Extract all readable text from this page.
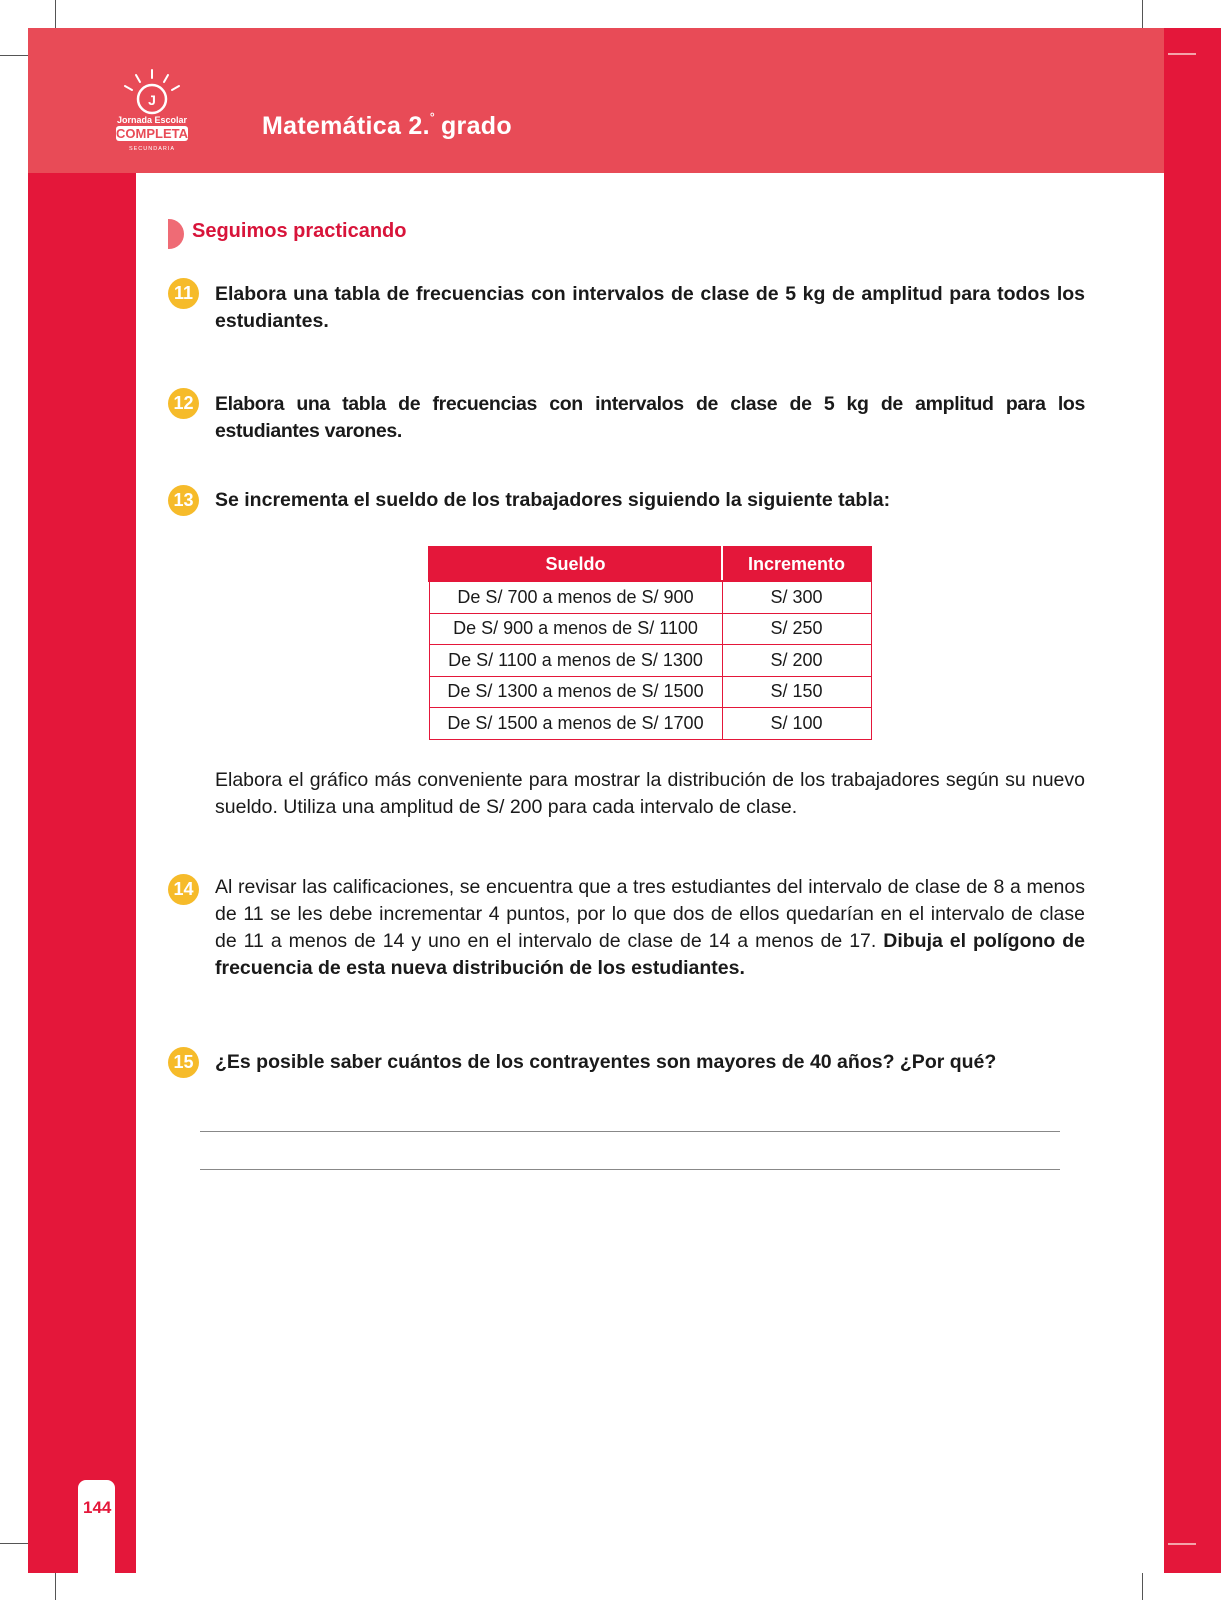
J
Jornada Escolar
COMPLETA
SECUNDARIA
Matemática 2.° grado
Seguimos practicando
11	Elabora una tabla de frecuencias con intervalos de clase de 5 kg de amplitud para todos los estudiantes.
12 Elabora una tabla de frecuencias con intervalos de clase de 5 kg de amplitud para los estudiantes varones.
13 Se incrementa el sueldo de los trabajadores siguiendo la siguiente tabla:
Sueldo	Incremento
De S/ 700 a menos de S/ 900	S/ 300
De S/ 900 a menos de S/ 1100	S/ 250
De S/ 1100 a menos de S/ 1300	S/ 200
De S/ 1300 a menos de S/ 1500	S/ 150
De S/ 1500 a menos de S/ 1700	S/ 100
Elabora el gráfico más conveniente para mostrar la distribución de los trabajadores según su nuevo sueldo. Utiliza una amplitud de S/ 200 para cada intervalo de clase.
14 Al revisar las calificaciones, se encuentra que a tres estudiantes del intervalo de clase de 8 a menos de 11 se les debe incrementar 4 puntos, por lo que dos de ellos quedarían en el intervalo de clase de 11 a menos de 14 y uno en el intervalo de clase de 14 a menos de 17. Dibuja el polígono de frecuencia de esta nueva distribución de los estudiantes.
15 ¿Es posible saber cuántos de los contrayentes son mayores de 40 años? ¿Por qué?
144
